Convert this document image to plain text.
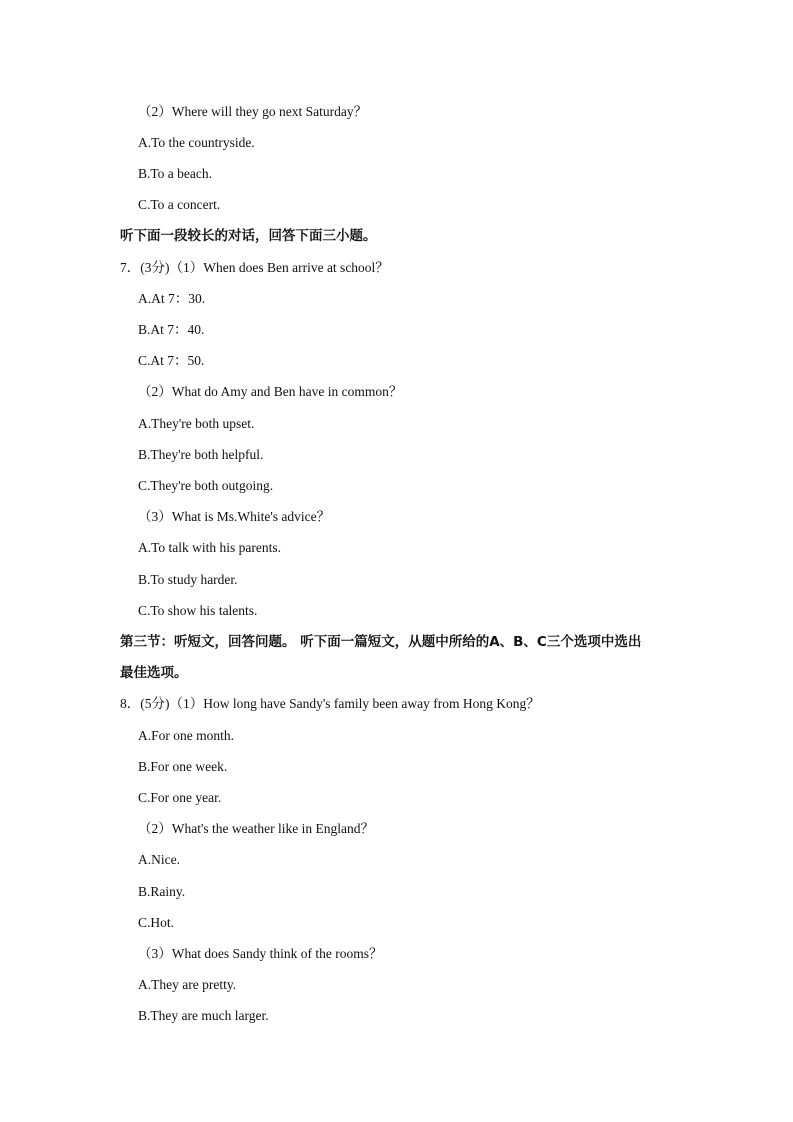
（2）Where will they go next Saturday？
A.To the countryside.
B.To a beach.
C.To a concert.
听下面一段较长的对话，回答下面三小题。
7．(3分)（1）When does Ben arrive at school？
A.At 7：30.
B.At 7：40.
C.At 7：50.
（2）What do Amy and Ben have in common？
A.They're both upset.
B.They're both helpful.
C.They're both outgoing.
（3）What is Ms.White's advice？
A.To talk with his parents.
B.To study harder.
C.To show his talents.
第三节：听短文，回答问题。 听下面一篇短文，从题中所给的A、B、C三个选项中选出
最佳选项。
8．(5分)（1）How long have Sandy's family been away from Hong Kong？
A.For one month.
B.For one week.
C.For one year.
（2）What's the weather like in England？
A.Nice.
B.Rainy.
C.Hot.
（3）What does Sandy think of the rooms？
A.They are pretty.
B.They are much larger.
